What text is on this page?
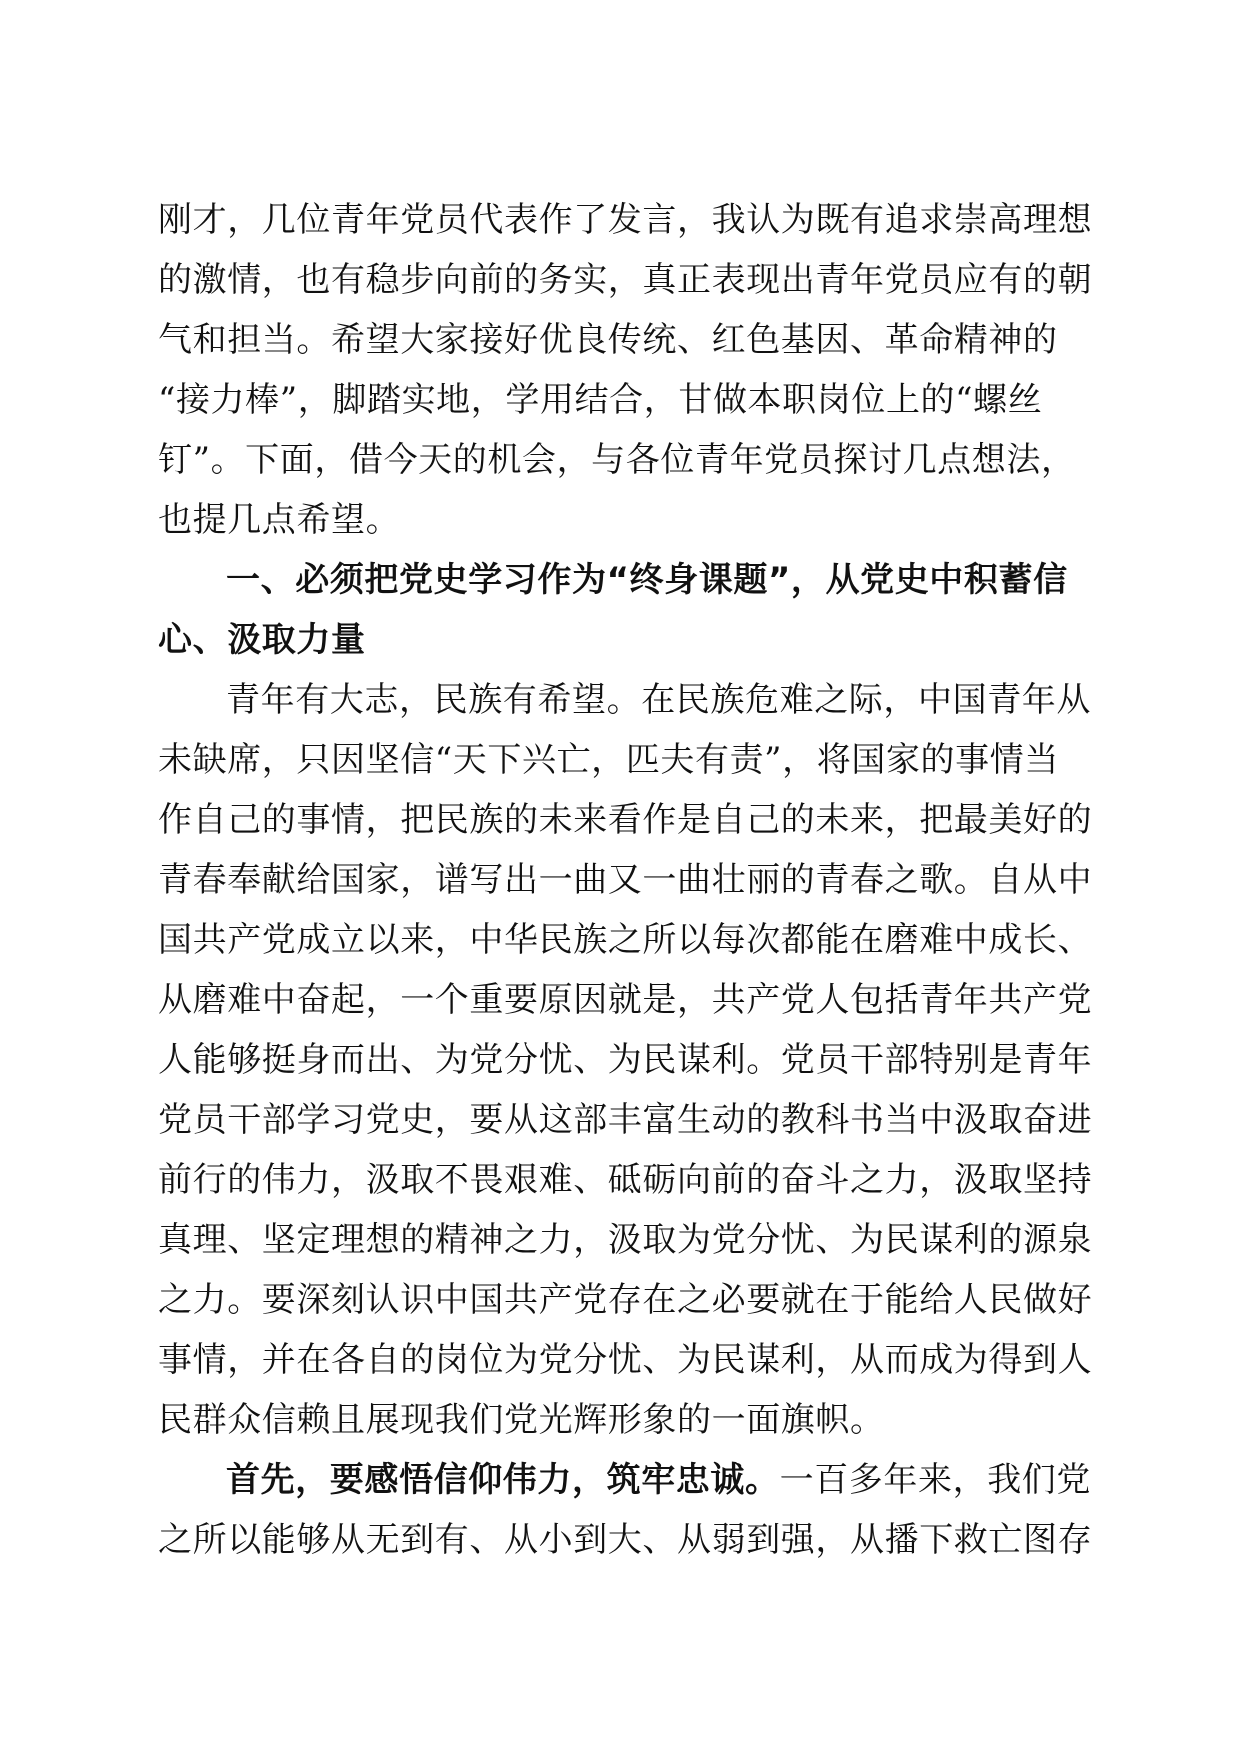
刚才，几位青年党员代表作了发言，我认为既有追求崇高理想
的激情，也有稳步向前的务实，真正表现出青年党员应有的朝
气和担当。希望大家接好优良传统、红色基因、革命精神的
“接力棒”，脚踏实地，学用结合，甘做本职岗位上的“螺丝
钉”。下面，借今天的机会，与各位青年党员探讨几点想法，
也提几点希望。
一、必须把党史学习作为“终身课题”，从党史中积蓄信
心、汲取力量
青年有大志，民族有希望。在民族危难之际，中国青年从
未缺席，只因坚信“天下兴亡，匹夫有责”，将国家的事情当
作自己的事情，把民族的未来看作是自己的未来，把最美好的
青春奉献给国家，谱写出一曲又一曲壮丽的青春之歌。自从中
国共产党成立以来，中华民族之所以每次都能在磨难中成长、
从磨难中奋起，一个重要原因就是，共产党人包括青年共产党
人能够挺身而出、为党分忧、为民谋利。党员干部特别是青年
党员干部学习党史，要从这部丰富生动的教科书当中汲取奋进
前行的伟力，汲取不畏艰难、砥砺向前的奋斗之力，汲取坚持
真理、坚定理想的精神之力，汲取为党分忧、为民谋利的源泉
之力。要深刻认识中国共产党存在之必要就在于能给人民做好
事情，并在各自的岗位为党分忧、为民谋利，从而成为得到人
民群众信赖且展现我们党光辉形象的一面旗帜。
首先，要感悟信仰伟力，筑牢忠诚。一百多年来，我们党
之所以能够从无到有、从小到大、从弱到强，从播下救亡图存
